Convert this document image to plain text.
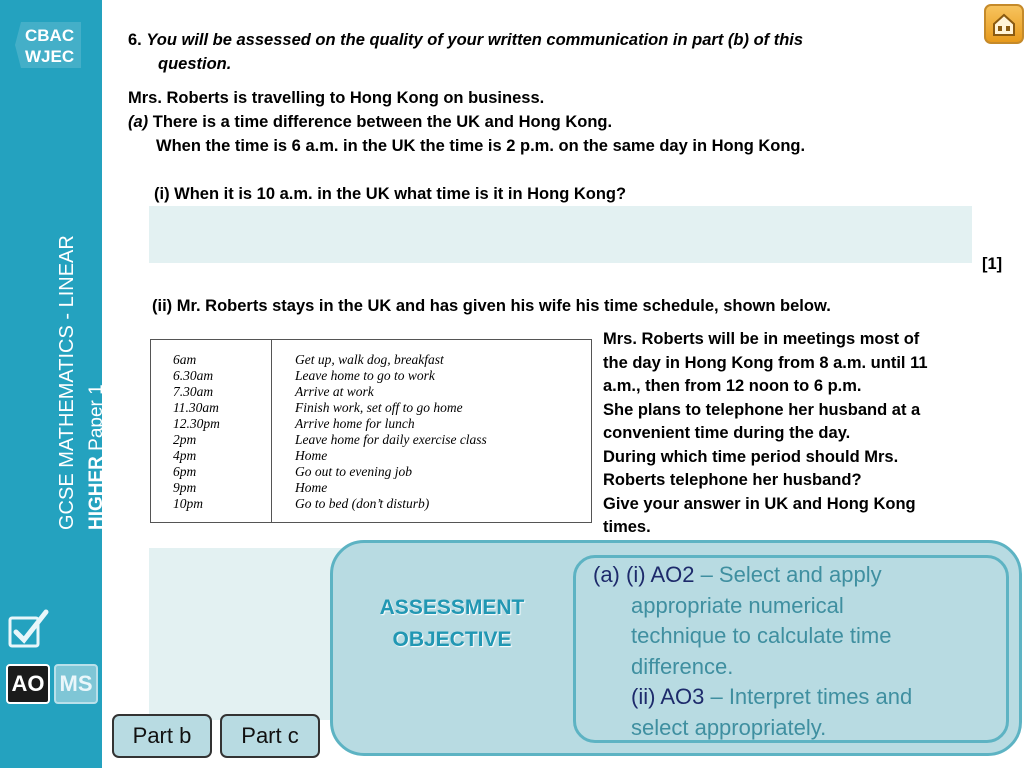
CBAC
WJEC
GCSE MATHEMATICS - LINEAR HIGHER Paper 1
AO MS
6. You will be assessed on the quality of your written communication in part (b) of this
question.
Mrs. Roberts is travelling to Hong Kong on business.
(a) There is a time difference between the UK and Hong Kong.
When the time is 6 a.m. in the UK the time is 2 p.m. on the same day in Hong Kong.
(i) When it is 10 a.m. in the UK what time is it in Hong Kong?
[1]
(ii) Mr. Roberts stays in the UK and has given his wife his time schedule, shown below.
6am	Get up, walk dog, breakfast
6.30am	Leave home to go to work
7.30am	Arrive at work
11.30am	Finish work, set off to go home
12.30pm	Arrive home for lunch
2pm	Leave home for daily exercise class
4pm	Home
6pm	Go out to evening job
9pm	Home
10pm	Go to bed (don’t disturb)
Mrs. Roberts will be in meetings most of
the day in Hong Kong from 8 a.m. until 11
a.m., then from 12 noon to 6 p.m.
She plans to telephone her husband at a
convenient time during the day.
During which time period should Mrs.
Roberts telephone her husband?
Give your answer in UK and Hong Kong
times.
ASSESSMENT
OBJECTIVE
(a) (i) AO2 – Select and apply
appropriate numerical
technique to calculate time
difference.
(ii) AO3 – Interpret times and
select appropriately.
Part b	Part c
